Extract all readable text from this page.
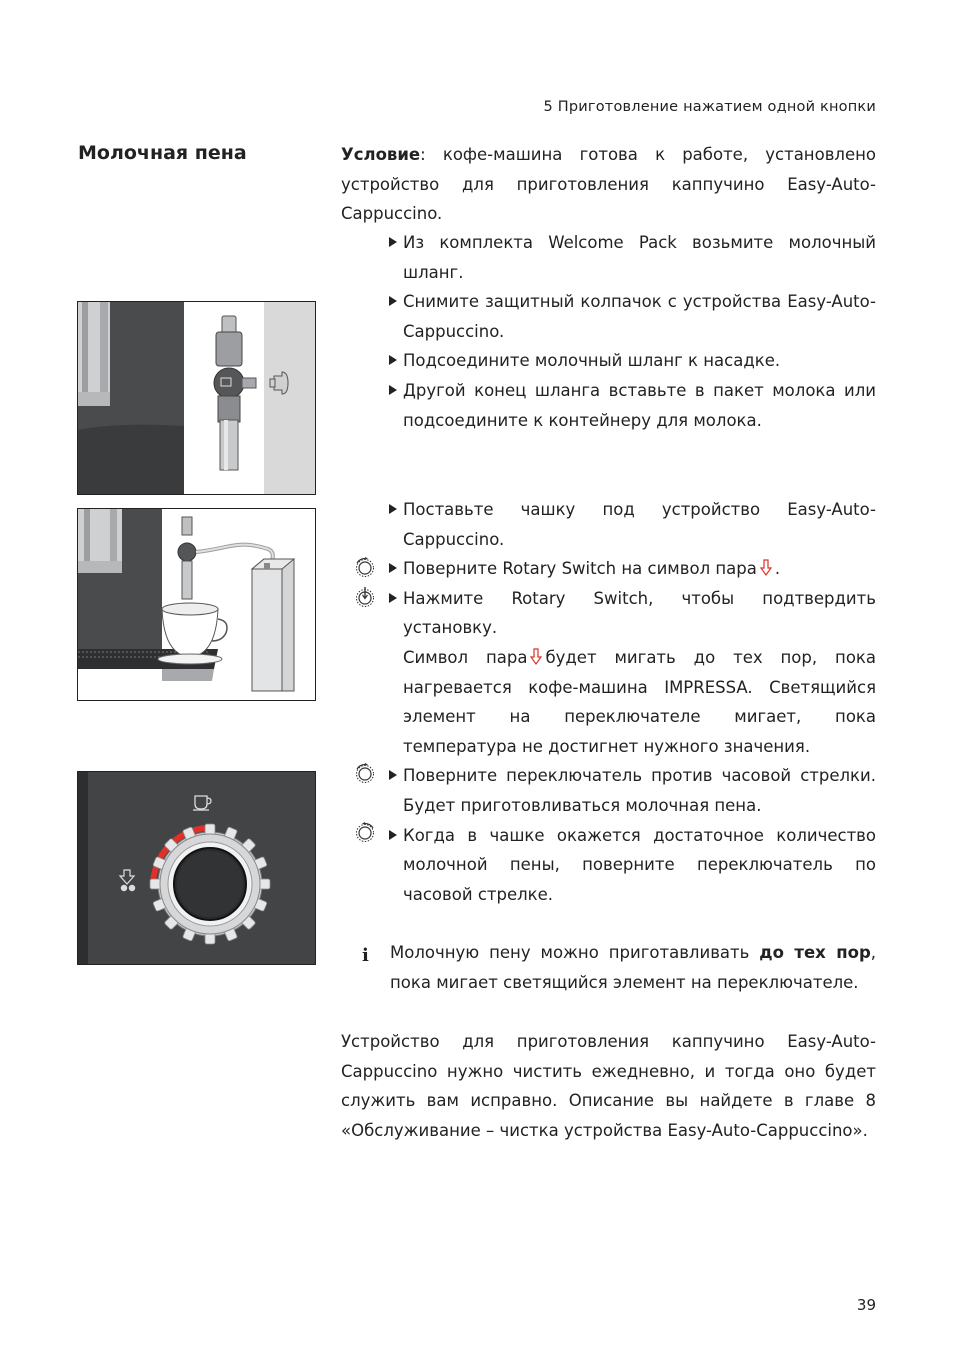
5 Приготовление нажатием одной кнопки
Молочная пена	Условие: кофе-машина готова к работе, установлено устройство для приготовления каппучино Easy-Auto-Cappuccino.
Из комплекта Welcome Pack возьмите молочный шланг.
Снимите защитный колпачок с устройства Easy-Auto-Cappuccino.
Подсоедините молочный шланг к насадке.
Другой конец шланга вставьте в пакет молока или подсоедините к контейнеру для молока.
Поставьте чашку под устройство Easy-Auto-Cappuccino.
Поверните Rotary Switch на символ пара .
Нажмите Rotary Switch, чтобы подтвердить установку.
Символ пара будет мигать до тех пор, пока нагревается кофе-машина IMPRESSA. Светящийся элемент на переключателе мигает, пока температура не достигнет нужного значения.
Поверните переключатель против часовой стрелки. Будет приготовливаться молочная пена.
Когда в чашке окажется достаточное количество молочной пены, поверните переключатель по часовой стрелке.
i Молочную пену можно приготавливать до тех пор, пока мигает светящийся элемент на переключателе.
Устройство для приготовления каппучино Easy-Auto-Cappuccino нужно чистить ежедневно, и тогда оно будет служить вам исправно. Описание вы найдете в главе 8 «Обслуживание – чистка устройства Easy-Auto-Cappuccino».
39
